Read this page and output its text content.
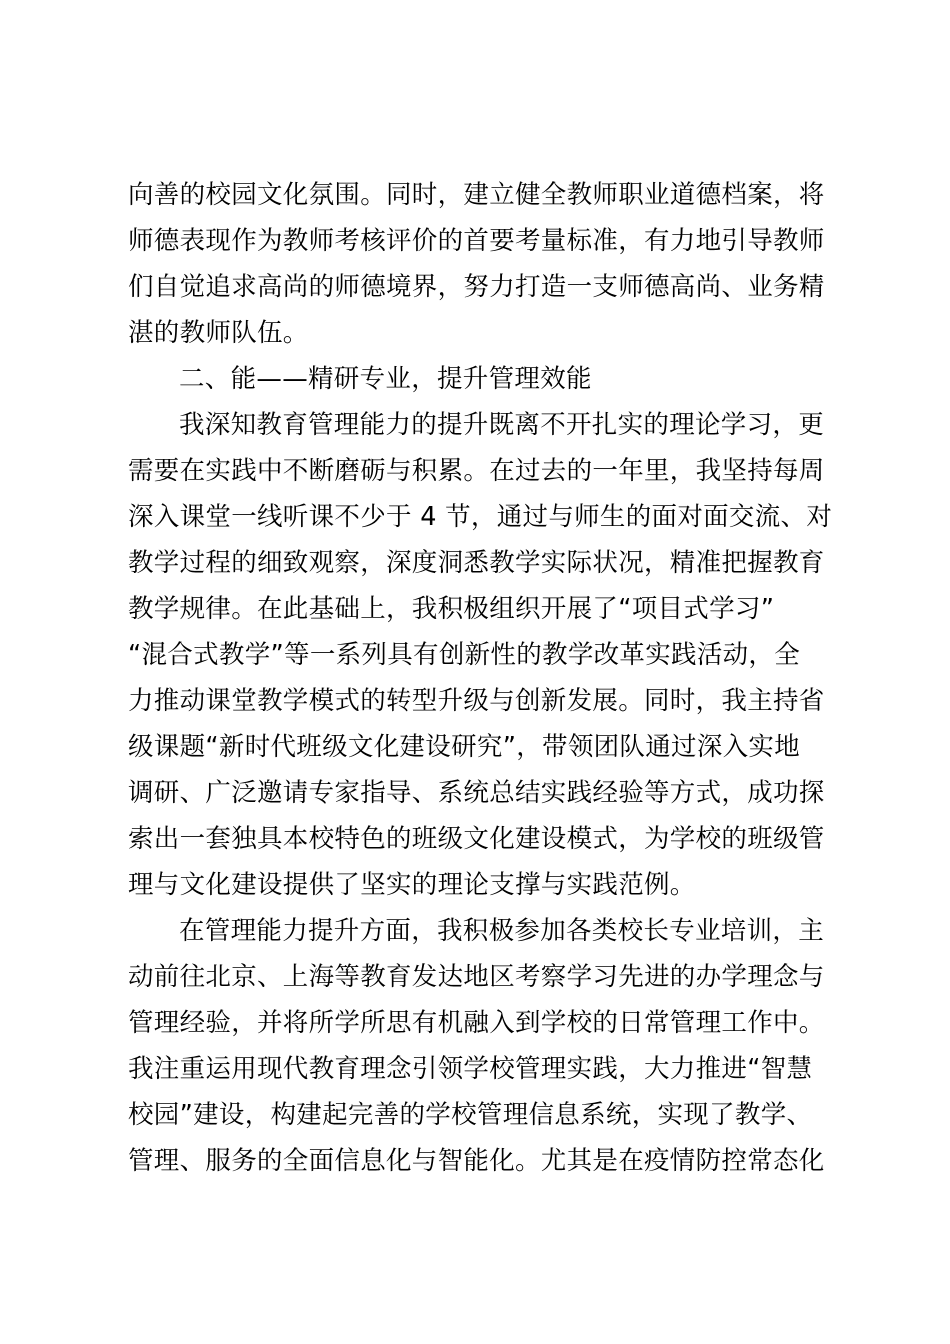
向善的校园文化氛围。同时，建立健全教师职业道德档案，将
师德表现作为教师考核评价的首要考量标准，有力地引导教师
们自觉追求高尚的师德境界，努力打造一支师德高尚、业务精
湛的教师队伍。
二、能——精研专业，提升管理效能
我深知教育管理能力的提升既离不开扎实的理论学习，更
需要在实践中不断磨砺与积累。在过去的一年里，我坚持每周
深入课堂一线听课不少于 4 节，通过与师生的面对面交流、对
教学过程的细致观察，深度洞悉教学实际状况，精准把握教育
教学规律。在此基础上，我积极组织开展了“项目式学习”
“混合式教学”等一系列具有创新性的教学改革实践活动，全
力推动课堂教学模式的转型升级与创新发展。同时，我主持省
级课题“新时代班级文化建设研究”，带领团队通过深入实地
调研、广泛邀请专家指导、系统总结实践经验等方式，成功探
索出一套独具本校特色的班级文化建设模式，为学校的班级管
理与文化建设提供了坚实的理论支撑与实践范例。
在管理能力提升方面，我积极参加各类校长专业培训，主
动前往北京、上海等教育发达地区考察学习先进的办学理念与
管理经验，并将所学所思有机融入到学校的日常管理工作中。
我注重运用现代教育理念引领学校管理实践，大力推进“智慧
校园”建设，构建起完善的学校管理信息系统，实现了教学、
管理、服务的全面信息化与智能化。尤其是在疫情防控常态化
